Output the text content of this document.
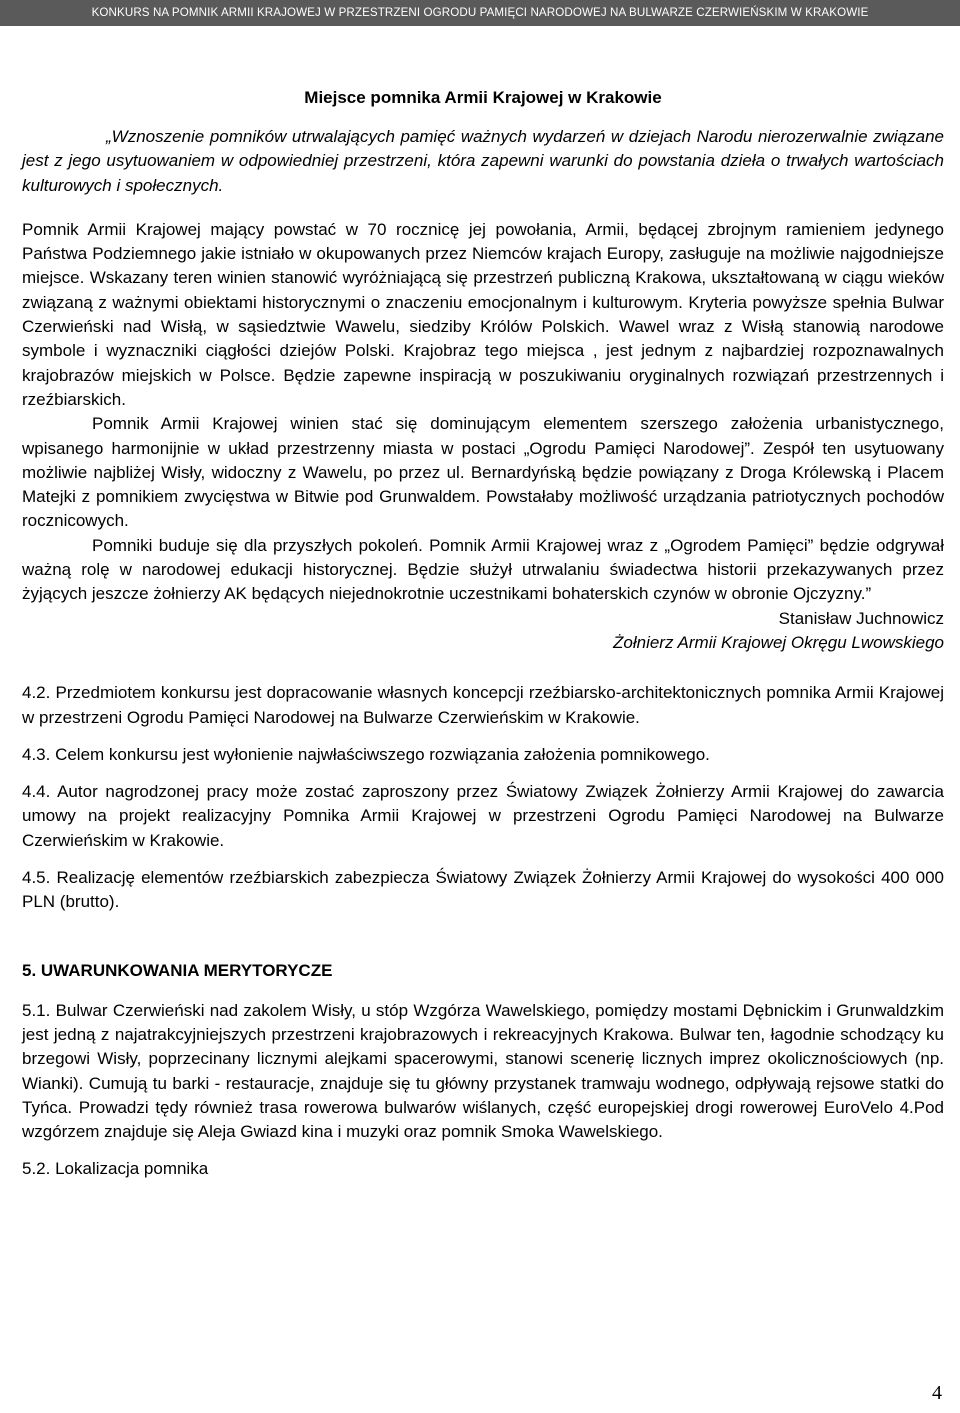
KONKURS NA POMNIK ARMII KRAJOWEJ W PRZESTRZENI OGRODU PAMIĘCI NARODOWEJ NA BULWARZE CZERWIEŃSKIM W KRAKOWIE
Miejsce pomnika Armii Krajowej w Krakowie

„Wznoszenie pomników utrwalających pamięć ważnych wydarzeń w dziejach Narodu nierozerwalnie związane jest z jego usytuowaniem w odpowiedniej przestrzeni, która zapewni warunki do powstania dzieła o trwałych wartościach kulturowych i społecznych.

Pomnik Armii Krajowej mający powstać w 70 rocznicę jej powołania, Armii, będącej zbrojnym ramieniem jedynego Państwa Podziemnego jakie istniało w okupowanych przez Niemców krajach Europy, zasługuje na możliwie najgodniejsze miejsce. Wskazany teren winien stanowić wyróżniającą się przestrzeń publiczną Krakowa, ukształtowaną w ciągu wieków związaną z ważnymi obiektami historycznymi o znaczeniu emocjonalnym i kulturowym. Kryteria powyższe spełnia Bulwar Czerwieński nad Wisłą, w sąsiedztwie Wawelu, siedziby Królów Polskich. Wawel wraz z Wisłą stanowią narodowe symbole i wyznaczniki ciągłości dziejów Polski. Krajobraz tego miejsca , jest jednym z najbardziej rozpoznawalnych krajobrazów miejskich w Polsce. Będzie zapewne inspiracją w poszukiwaniu oryginalnych rozwiązań przestrzennych i rzeźbiarskich.

Pomnik Armii Krajowej winien stać się dominującym elementem szerszego założenia urbanistycznego, wpisanego harmonijnie w układ przestrzenny miasta w postaci „Ogrodu Pamięci Narodowej”. Zespół ten usytuowany możliwie najbliżej Wisły, widoczny z Wawelu, po przez ul. Bernardyńską będzie powiązany z Droga Królewską i Placem Matejki z pomnikiem zwycięstwa w Bitwie pod Grunwaldem. Powstałaby możliwość urządzania patriotycznych pochodów rocznicowych.

Pomniki buduje się dla przyszłych pokoleń. Pomnik Armii Krajowej wraz z „Ogrodem Pamięci” będzie odgrywał ważną rolę w narodowej edukacji historycznej. Będzie służył utrwalaniu świadectwa historii przekazywanych przez żyjących jeszcze żołnierzy AK będących niejednokrotnie uczestnikami bohaterskich czynów w obronie Ojczyzny.”

Stanisław Juchnowicz

Żołnierz Armii Krajowej Okręgu Lwowskiego

4.2. Przedmiotem konkursu jest dopracowanie własnych koncepcji rzeźbiarsko-architektonicznych pomnika Armii Krajowej w przestrzeni Ogrodu Pamięci Narodowej na Bulwarze Czerwieńskim w Krakowie.

4.3. Celem konkursu jest wyłonienie najwłaściwszego rozwiązania założenia pomnikowego.

4.4. Autor nagrodzonej pracy może zostać zaproszony przez Światowy Związek Żołnierzy Armii Krajowej do zawarcia umowy na projekt realizacyjny Pomnika Armii Krajowej w przestrzeni Ogrodu Pamięci Narodowej na Bulwarze Czerwieńskim w Krakowie.

4.5. Realizację elementów rzeźbiarskich zabezpiecza Światowy Związek Żołnierzy Armii Krajowej do wysokości 400 000 PLN (brutto).

5. UWARUNKOWANIA MERYTORYCZE

5.1. Bulwar Czerwieński nad zakolem Wisły, u stóp Wzgórza Wawelskiego, pomiędzy mostami Dębnickim i Grunwaldzkim jest jedną z najatrakcyjniejszych przestrzeni krajobrazowych i rekreacyjnych Krakowa. Bulwar ten, łagodnie schodzący ku brzegowi Wisły, poprzecinany licznymi alejkami spacerowymi, stanowi scenerię licznych imprez okolicznościowych (np. Wianki). Cumują tu barki - restauracje, znajduje się tu główny przystanek tramwaju wodnego, odpływają rejsowe statki do Tyńca. Prowadzi tędy również trasa rowerowa bulwarów wiślanych, część europejskiej drogi rowerowej EuroVelo 4.Pod wzgórzem znajduje się Aleja Gwiazd kina i muzyki oraz pomnik Smoka Wawelskiego.

5.2. Lokalizacja pomnika

4
